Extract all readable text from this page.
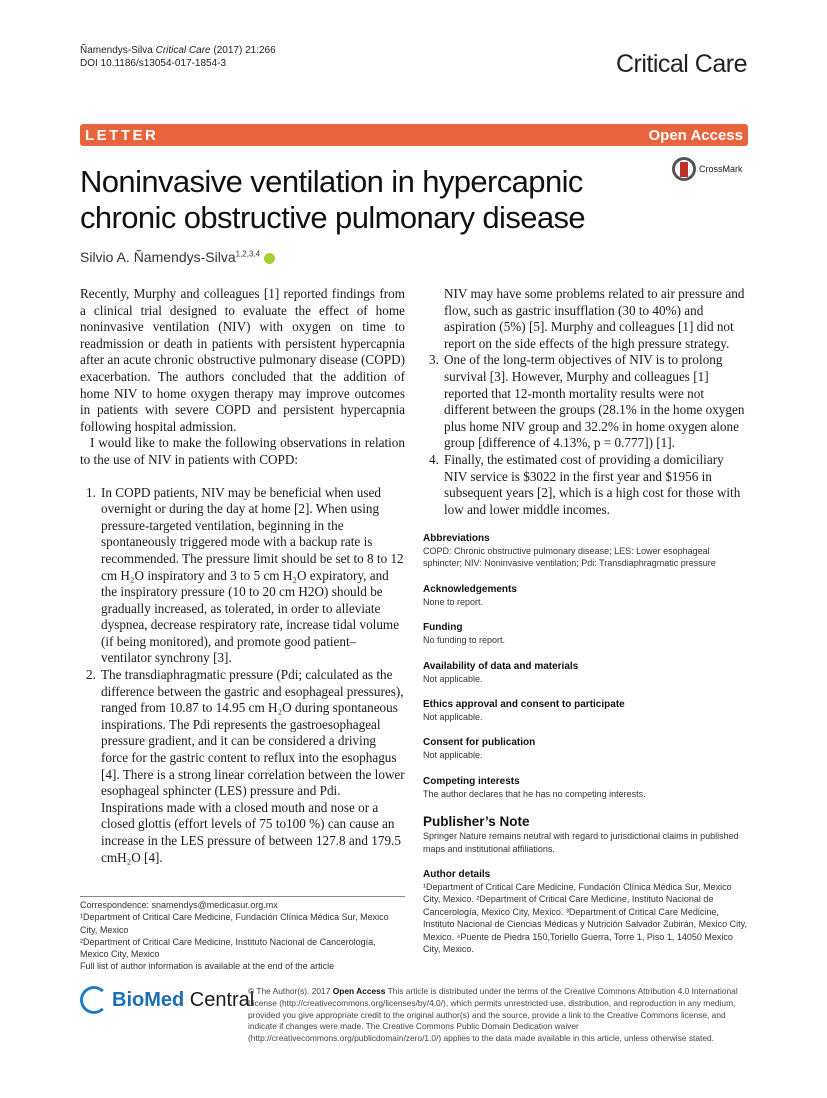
Ñamendys-Silva Critical Care (2017) 21:266
DOI 10.1186/s13054-017-1854-3	Critical Care
LETTER	Open Access
CrossMark
Noninvasive ventilation in hypercapnic
chronic obstructive pulmonary disease
Silvio A. Ñamendys-Silva$^{1,2,3,4}$

Recently, Murphy and colleagues [1] reported findings from a clinical trial designed to evaluate the effect of home noninvasive ventilation (NIV) with oxygen on time to readmission or death in patients with persistent hypercapnia after an acute chronic obstructive pulmonary disease (COPD) exacerbation. The authors concluded that the addition of home NIV to home oxygen therapy may improve outcomes in patients with severe COPD and persistent hypercapnia following hospital admission.

I would like to make the following observations in relation to the use of NIV in patients with COPD:

1. In COPD patients, NIV may be beneficial when used overnight or during the day at home [2]. When using pressure-targeted ventilation, beginning in the spontaneously triggered mode with a backup rate is recommended. The pressure limit should be set to 8 to 12 cm H₂O inspiratory and 3 to 5 cm H₂O expiratory, and the inspiratory pressure (10 to 20 cm H2O) should be gradually increased, as tolerated, in order to alleviate dyspnea, decrease respiratory rate, increase tidal volume (if being monitored), and promote good patient–ventilator synchrony [3].
2. The transdiaphragmatic pressure (Pdi; calculated as the difference between the gastric and esophageal pressures), ranged from 10.87 to 14.95 cm H₂O during spontaneous inspirations. The Pdi represents the gastroesophageal pressure gradient, and it can be considered a driving force for the gastric content to reflux into the esophagus [4]. There is a strong linear correlation between the lower esophageal sphincter (LES) pressure and Pdi. Inspirations made with a closed mouth and nose or a closed glottis (effort levels of 75 to100 %) can cause an increase in the LES pressure of between 127.8 and 179.5 cmH₂O [4].
NIV may have some problems related to air pressure and flow, such as gastric insufflation (30 to 40%) and aspiration (5%) [5]. Murphy and colleagues [1] did not report on the side effects of the high pressure strategy.
3. One of the long-term objectives of NIV is to prolong survival [3]. However, Murphy and colleagues [1] reported that 12-month mortality results were not different between the groups (28.1% in the home oxygen plus home NIV group and 32.2% in home oxygen alone group [difference of 4.13%, p = 0.777]) [1].
4. Finally, the estimated cost of providing a domiciliary NIV service is $3022 in the first year and $1956 in subsequent years [2], which is a high cost for those with low and lower middle incomes.
Abbreviations
COPD: Chronic obstructive pulmonary disease; LES: Lower esophageal sphincter; NIV: Noninvasive ventilation; Pdi: Transdiaphragmatic pressure
Acknowledgements
None to report.
Funding
No funding to report.
Availability of data and materials
Not applicable.
Ethics approval and consent to participate
Not applicable.
Consent for publication
Not applicable.
Competing interests
The author declares that he has no competing interests.
Publisher’s Note
Springer Nature remains neutral with regard to jurisdictional claims in published maps and institutional affiliations.
Author details
¹Department of Critical Care Medicine, Fundación Clínica Médica Sur, Mexico City, Mexico. ²Department of Critical Care Medicine, Instituto Nacional de Cancerología, Mexico City, Mexico. ³Department of Critical Care Medicine, Instituto Nacional de Ciencias Médicas y Nutrición Salvador Zubirán, Mexico City, Mexico. ⁴Puente de Piedra 150,Toriello Guerra, Torre 1, Piso 1, 14050 Mexico City, Mexico.
Correspondence: snamendys@medicasur.org.mx
¹Department of Critical Care Medicine, Fundación Clínica Médica Sur, Mexico City, Mexico
²Department of Critical Care Medicine, Instituto Nacional de Cancerología, Mexico City, Mexico
Full list of author information is available at the end of the article
BioMed Central
© The Author(s). 2017 Open Access This article is distributed under the terms of the Creative Commons Attribution 4.0 International License (http://creativecommons.org/licenses/by/4.0/), which permits unrestricted use, distribution, and reproduction in any medium, provided you give appropriate credit to the original author(s) and the source, provide a link to the Creative Commons license, and indicate if changes were made. The Creative Commons Public Domain Dedication waiver (http://creativecommons.org/publicdomain/zero/1.0/) applies to the data made available in this article, unless otherwise stated.
